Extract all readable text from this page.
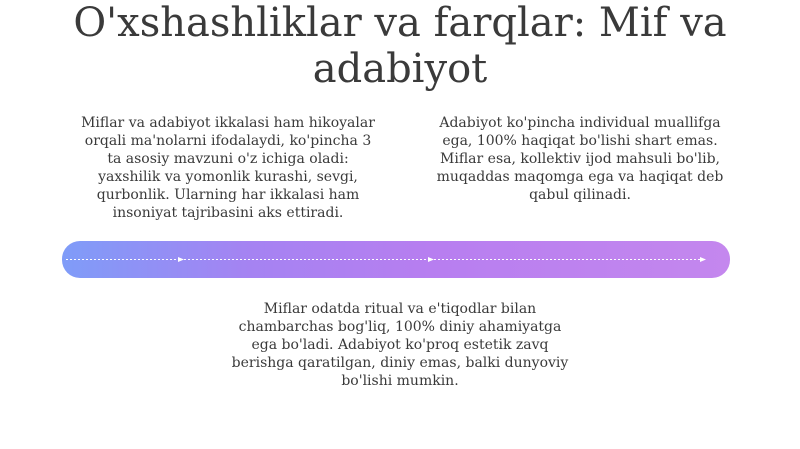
O'xshashliklar va farqlar: Mif va adabiyot

Miflar va adabiyot ikkalasi ham hikoyalar orqali ma'nolarni ifodalaydi, ko'pincha 3 ta asosiy mavzuni o'z ichiga oladi: yaxshilik va yomonlik kurashi, sevgi, qurbonlik. Ularning har ikkalasi ham insoniyat tajribasini aks ettiradi.

Adabiyot ko'pincha individual muallifga ega, 100% haqiqat bo'lishi shart emas. Miflar esa, kollektiv ijod mahsuli bo'lib, muqaddas maqomga ega va haqiqat deb qabul qilinadi.

Miflar odatda ritual va e'tiqodlar bilan chambarchas bog'liq, 100% diniy ahamiyatga ega bo'ladi. Adabiyot ko'proq estetik zavq berishga qaratilgan, diniy emas, balki dunyoviy bo'lishi mumkin.
